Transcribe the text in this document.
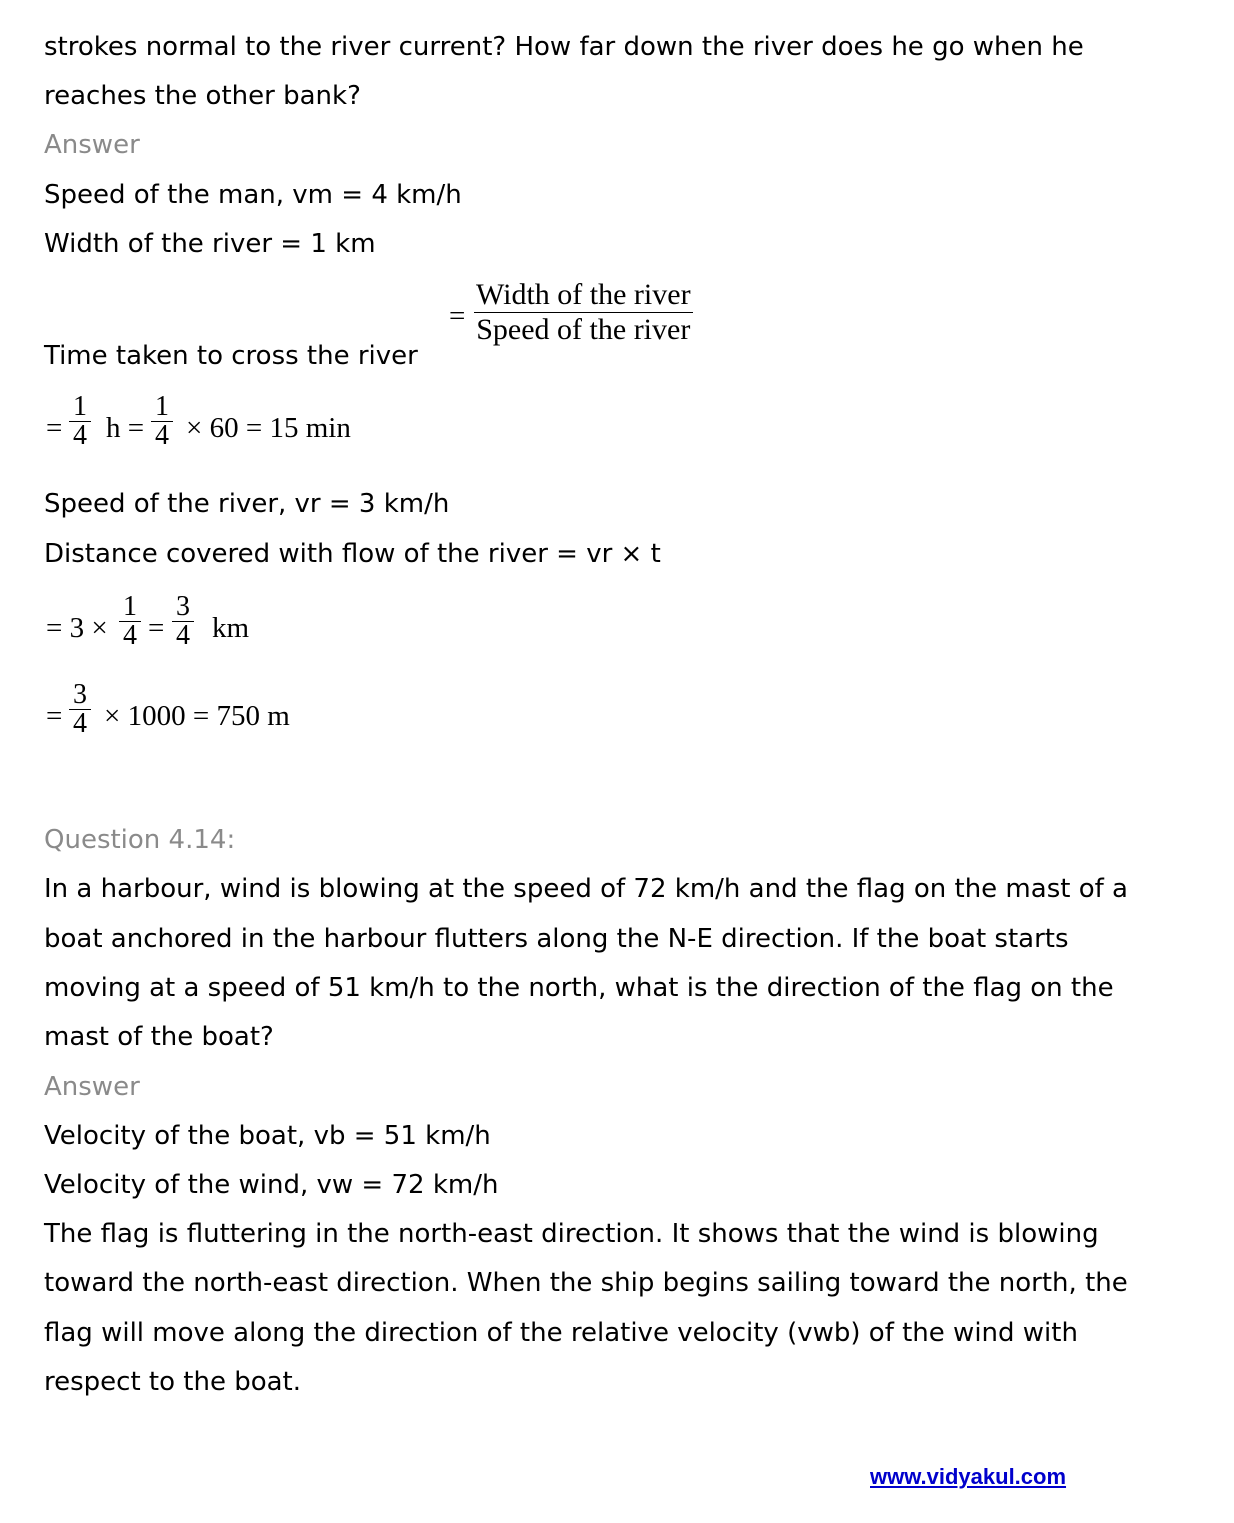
strokes normal to the river current? How far down the river does he go when he
reaches the other bank?
Answer
Speed of the man, vm = 4 km/h
Width of the river = 1 km
Time taken to cross the river
=
Width of the river
Speed of the river
=
1
4 h =
1
4 × 60 = 15 min
Speed of the river, vr = 3 km/h
Distance covered with flow of the river = vr × t
= 3 ×
1
4 =
3
4 km
=
3
4 × 1000 = 750 m
Question 4.14:
In a harbour, wind is blowing at the speed of 72 km/h and the flag on the mast of a
boat anchored in the harbour flutters along the N-E direction. If the boat starts
moving at a speed of 51 km/h to the north, what is the direction of the flag on the
mast of the boat?
Answer
Velocity of the boat, vb = 51 km/h
Velocity of the wind, vw = 72 km/h
The flag is fluttering in the north-east direction. It shows that the wind is blowing
toward the north-east direction. When the ship begins sailing toward the north, the
flag will move along the direction of the relative velocity (vwb) of the wind with
respect to the boat.
www.vidyakul.com
